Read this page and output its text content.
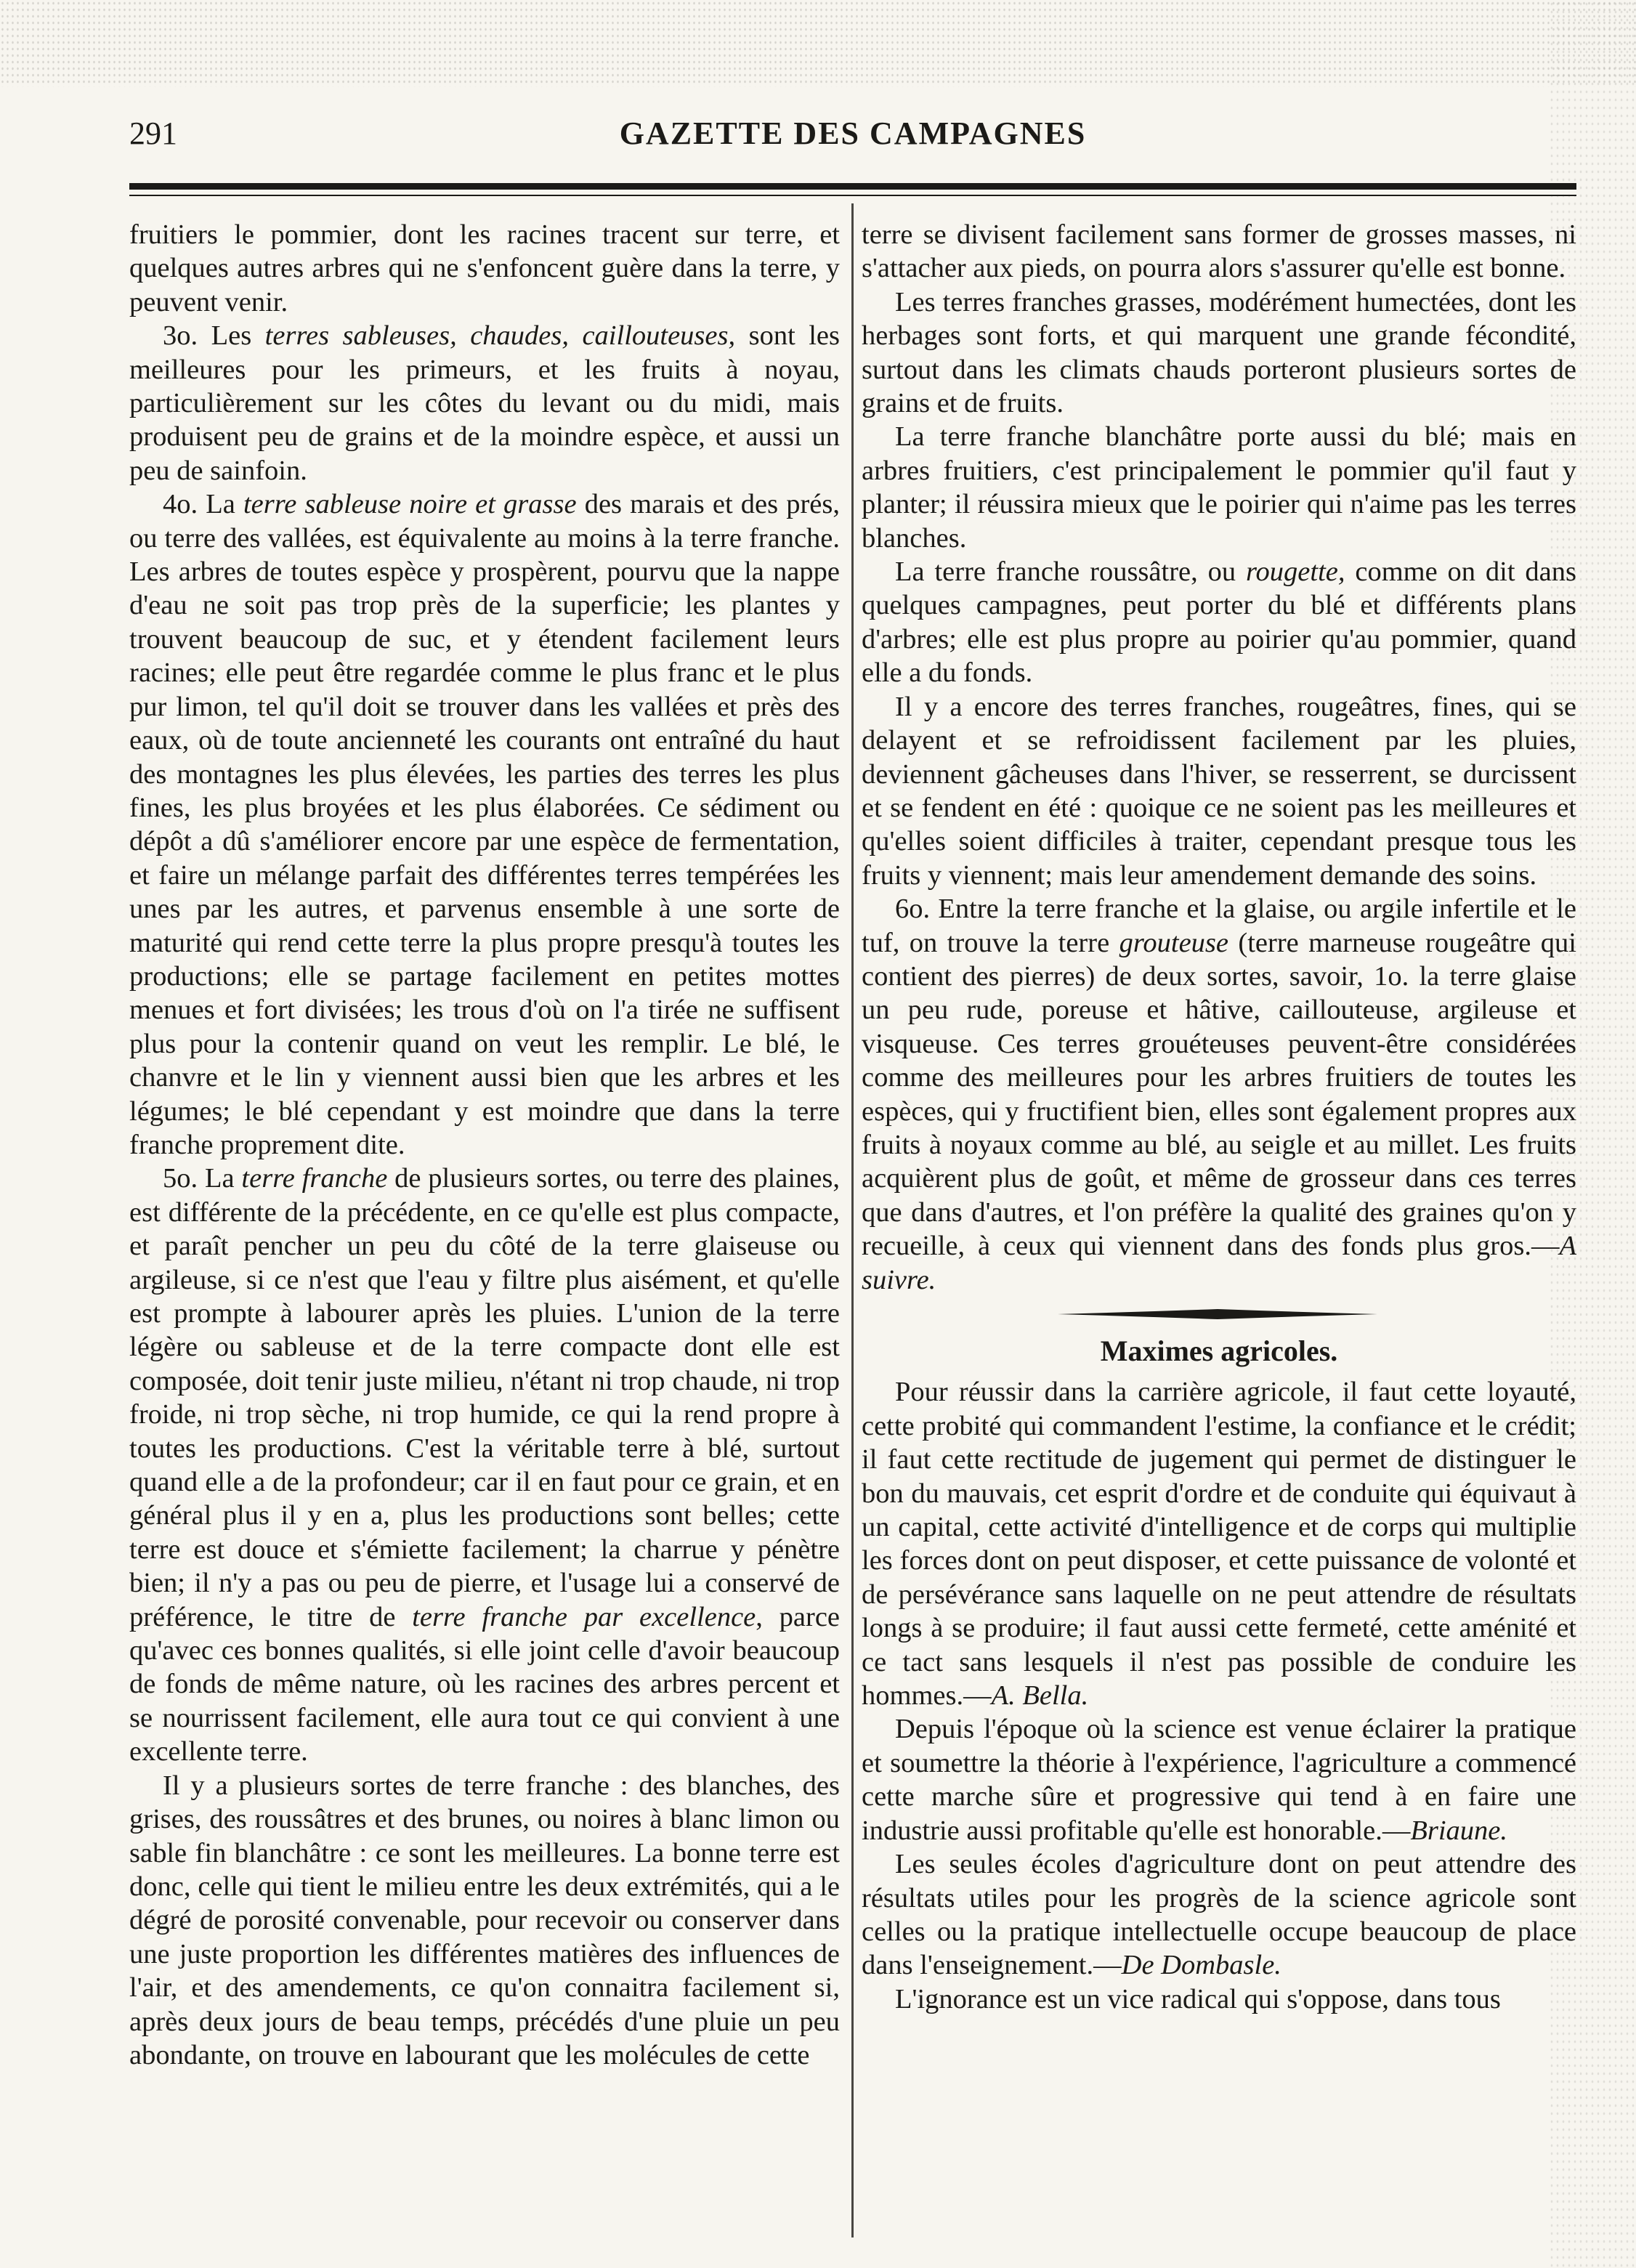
291	GAZETTE DES CAMPAGNES

fruitiers le pommier, dont les racines tracent sur terre, et quelques autres arbres qui ne s'enfoncent guère dans la terre, y peuvent venir.

3o. Les terres sableuses, chaudes, caillouteuses, sont les meilleures pour les primeurs, et les fruits à noyau, particulièrement sur les côtes du levant ou du midi, mais produisent peu de grains et de la moindre espèce, et aussi un peu de sainfoin.

4o. La terre sableuse noire et grasse des marais et des prés, ou terre des vallées, est équivalente au moins à la terre franche. Les arbres de toutes espèce y prospèrent, pourvu que la nappe d'eau ne soit pas trop près de la superficie; les plantes y trouvent beaucoup de suc, et y étendent facilement leurs racines; elle peut être regardée comme le plus franc et le plus pur limon, tel qu'il doit se trouver dans les vallées et près des eaux, où de toute ancienneté les courants ont entraîné du haut des montagnes les plus élevées, les parties des terres les plus fines, les plus broyées et les plus élaborées. Ce sédiment ou dépôt a dû s'améliorer encore par une espèce de fermentation, et faire un mélange parfait des différentes terres tempérées les unes par les autres, et parvenus ensemble à une sorte de maturité qui rend cette terre la plus propre presqu'à toutes les productions; elle se partage facilement en petites mottes menues et fort divisées; les trous d'où on l'a tirée ne suffisent plus pour la contenir quand on veut les remplir. Le blé, le chanvre et le lin y viennent aussi bien que les arbres et les légumes; le blé cependant y est moindre que dans la terre franche proprement dite.

5o. La terre franche de plusieurs sortes, ou terre des plaines, est différente de la précédente, en ce qu'elle est plus compacte, et paraît pencher un peu du côté de la terre glaiseuse ou argileuse, si ce n'est que l'eau y filtre plus aisément, et qu'elle est prompte à labourer après les pluies. L'union de la terre légère ou sableuse et de la terre compacte dont elle est composée, doit tenir juste milieu, n'étant ni trop chaude, ni trop froide, ni trop sèche, ni trop humide, ce qui la rend propre à toutes les productions. C'est la véritable terre à blé, surtout quand elle a de la profondeur; car il en faut pour ce grain, et en général plus il y en a, plus les productions sont belles; cette terre est douce et s'émiette facilement; la charrue y pénètre bien; il n'y a pas ou peu de pierre, et l'usage lui a conservé de préférence, le titre de terre franche par excellence, parce qu'avec ces bonnes qualités, si elle joint celle d'avoir beaucoup de fonds de même nature, où les racines des arbres percent et se nourrissent facilement, elle aura tout ce qui convient à une excellente terre.

Il y a plusieurs sortes de terre franche : des blanches, des grises, des roussâtres et des brunes, ou noires à blanc limon ou sable fin blanchâtre : ce sont les meilleures. La bonne terre est donc, celle qui tient le milieu entre les deux extrémités, qui a le dégré de porosité convenable, pour recevoir ou conserver dans une juste proportion les différentes matières des influences de l'air, et des amendements, ce qu'on connaitra facilement si, après deux jours de beau temps, précédés d'une pluie un peu abondante, on trouve en labourant que les molécules de cette

terre se divisent facilement sans former de grosses masses, ni s'attacher aux pieds, on pourra alors s'assurer qu'elle est bonne.

Les terres franches grasses, modérément humectées, dont les herbages sont forts, et qui marquent une grande fécondité, surtout dans les climats chauds porteront plusieurs sortes de grains et de fruits.

La terre franche blanchâtre porte aussi du blé; mais en arbres fruitiers, c'est principalement le pommier qu'il faut y planter; il réussira mieux que le poirier qui n'aime pas les terres blanches.

La terre franche roussâtre, ou rougette, comme on dit dans quelques campagnes, peut porter du blé et différents plans d'arbres; elle est plus propre au poirier qu'au pommier, quand elle a du fonds.

Il y a encore des terres franches, rougeâtres, fines, qui se delayent et se refroidissent facilement par les pluies, deviennent gâcheuses dans l'hiver, se resserrent, se durcissent et se fendent en été : quoique ce ne soient pas les meilleures et qu'elles soient difficiles à traiter, cependant presque tous les fruits y viennent; mais leur amendement demande des soins.

6o. Entre la terre franche et la glaise, ou argile infertile et le tuf, on trouve la terre grouteuse (terre marneuse rougeâtre qui contient des pierres) de deux sortes, savoir, 1o. la terre glaise un peu rude, poreuse et hâtive, caillouteuse, argileuse et visqueuse. Ces terres grouéteuses peuvent-être considérées comme des meilleures pour les arbres fruitiers de toutes les espèces, qui y fructifient bien, elles sont également propres aux fruits à noyaux comme au blé, au seigle et au millet. Les fruits acquièrent plus de goût, et même de grosseur dans ces terres que dans d'autres, et l'on préfère la qualité des graines qu'on y recueille, à ceux qui viennent dans des fonds plus gros.—A suivre.

Maximes agricoles.

Pour réussir dans la carrière agricole, il faut cette loyauté, cette probité qui commandent l'estime, la confiance et le crédit; il faut cette rectitude de jugement qui permet de distinguer le bon du mauvais, cet esprit d'ordre et de conduite qui équivaut à un capital, cette activité d'intelligence et de corps qui multiplie les forces dont on peut disposer, et cette puissance de volonté et de persévérance sans laquelle on ne peut attendre de résultats longs à se produire; il faut aussi cette fermeté, cette aménité et ce tact sans lesquels il n'est pas possible de conduire les hommes.—A. Bella.

Depuis l'époque où la science est venue éclairer la pratique et soumettre la théorie à l'expérience, l'agriculture a commencé cette marche sûre et progressive qui tend à en faire une industrie aussi profitable qu'elle est honorable.—Briaune.

Les seules écoles d'agriculture dont on peut attendre des résultats utiles pour les progrès de la science agricole sont celles ou la pratique intellectuelle occupe beaucoup de place dans l'enseignement.—De Dombasle.

L'ignorance est un vice radical qui s'oppose, dans tous
